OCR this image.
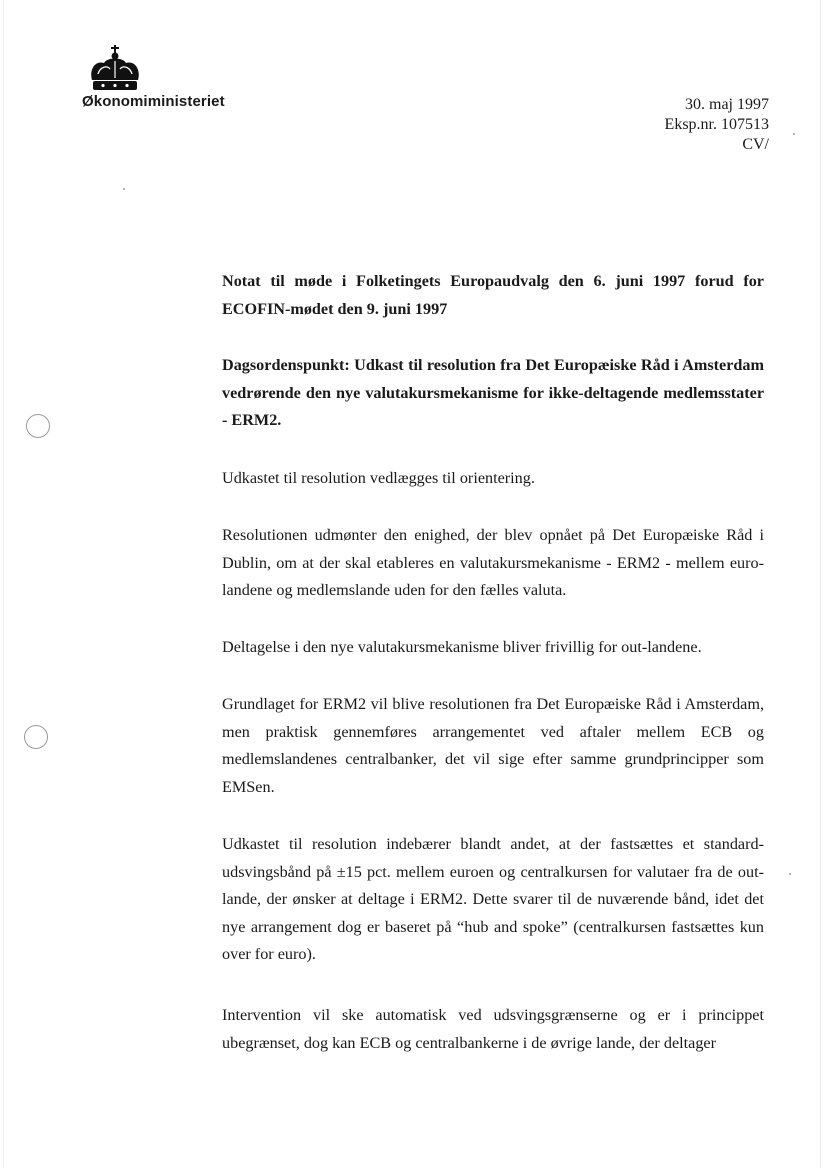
Økonomiministeriet	30. maj 1997
Eksp.nr. 107513
CV/
Notat til møde i Folketingets Europaudvalg den 6. juni 1997 forud for ECOFIN-mødet den 9. juni 1997
Dagsordenspunkt: Udkast til resolution fra Det Europæiske Råd i Amsterdam vedrørende den nye valutakursmekanisme for ikke-deltagende medlemsstater - ERM2.
Udkastet til resolution vedlægges til orientering.
Resolutionen udmønter den enighed, der blev opnået på Det Europæiske Råd i Dublin, om at der skal etableres en valutakursmekanisme - ERM2 - mellem euro-landene og medlemslande uden for den fælles valuta.
Deltagelse i den nye valutakursmekanisme bliver frivillig for out-landene.
Grundlaget for ERM2 vil blive resolutionen fra Det Europæiske Råd i Amsterdam, men praktisk gennemføres arrangementet ved aftaler mellem ECB og medlemslandenes centralbanker, det vil sige efter samme grundprincipper som EMSen.
Udkastet til resolution indebærer blandt andet, at der fastsættes et standard-udsvingsbånd på ±15 pct. mellem euroen og centralkursen for valutaer fra de out-lande, der ønsker at deltage i ERM2. Dette svarer til de nuværende bånd, idet det nye arrangement dog er baseret på “hub and spoke” (centralkursen fastsættes kun over for euro).
Intervention vil ske automatisk ved udsvingsgrænserne og er i princippet ubegrænset, dog kan ECB og centralbankerne i de øvrige lande, der deltager
